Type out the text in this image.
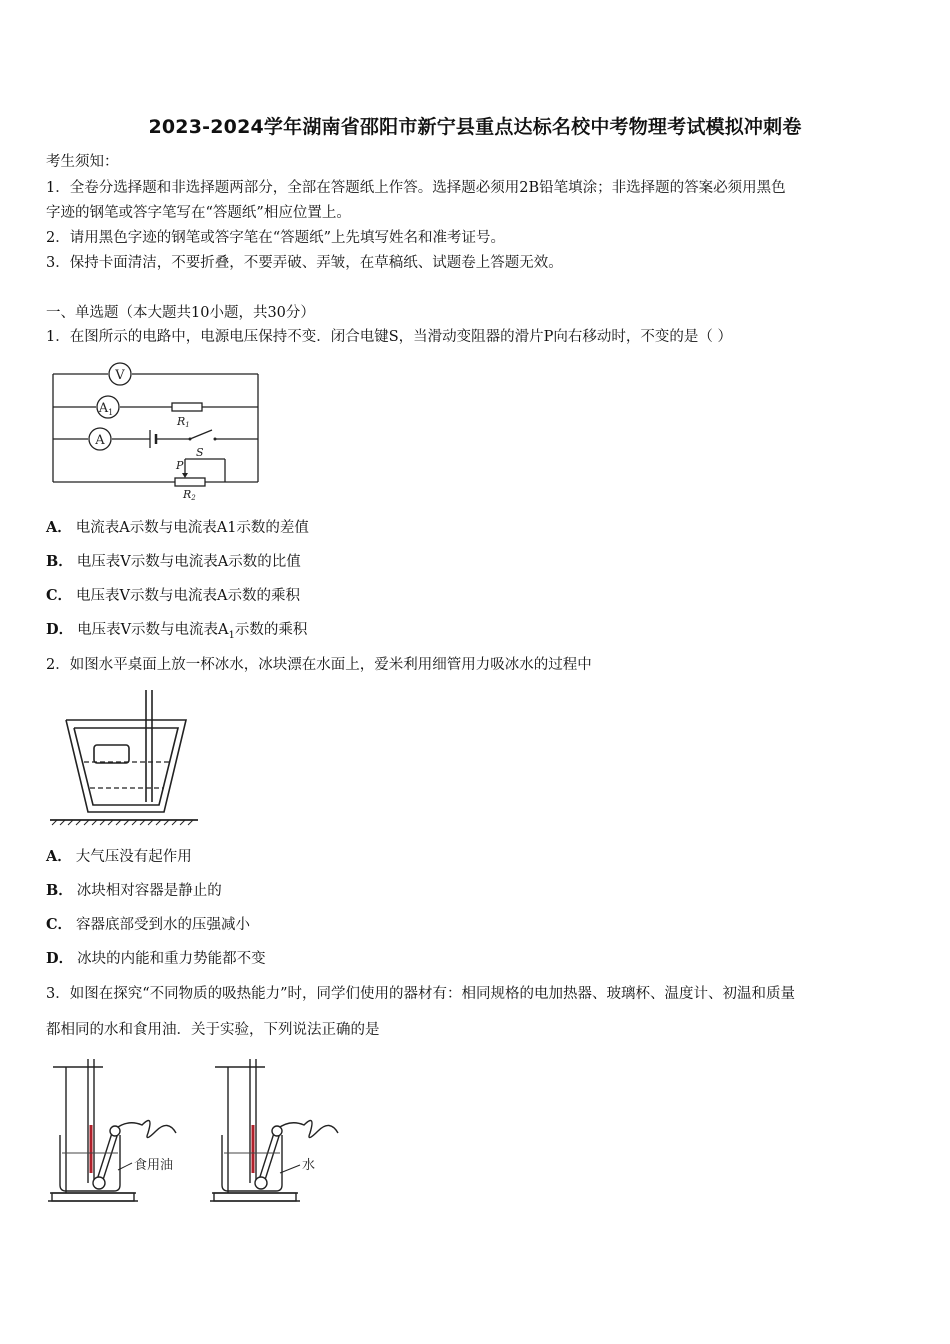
2023-2024学年湖南省邵阳市新宁县重点达标名校中考物理考试模拟冲刺卷
考生须知：
1．全卷分选择题和非选择题两部分，全部在答题纸上作答。选择题必须用2B铅笔填涂；非选择题的答案必须用黑色
字迹的钢笔或答字笔写在“答题纸”相应位置上。
2．请用黑色字迹的钢笔或答字笔在“答题纸”上先填写姓名和准考证号。
3．保持卡面清洁，不要折叠，不要弄破、弄皱，在草稿纸、试题卷上答题无效。
一、单选题（本大题共10小题，共30分）
1．在图所示的电路中，电源电压保持不变．闭合电键S，当滑动变阻器的滑片P向右移动时，不变的是（ ）
V
$A_1$
A
R1
S
P
R2
A． 电流表A示数与电流表A1示数的差值
B． 电压表V示数与电流表A示数的比值
C． 电压表V示数与电流表A示数的乘积
D． 电压表V示数与电流表$A_1$示数的乘积
2．如图水平桌面上放一杯冰水，冰块漂在水面上，爱米利用细管用力吸冰水的过程中
A． 大气压没有起作用
B． 冰块相对容器是静止的
C． 容器底部受到水的压强减小
D． 冰块的内能和重力势能都不变
3．如图在探究“不同物质的吸热能力”时，同学们使用的器材有：相同规格的电加热器、玻璃杯、温度计、初温和质量
都相同的水和食用油．关于实验，下列说法正确的是
食用油	水
